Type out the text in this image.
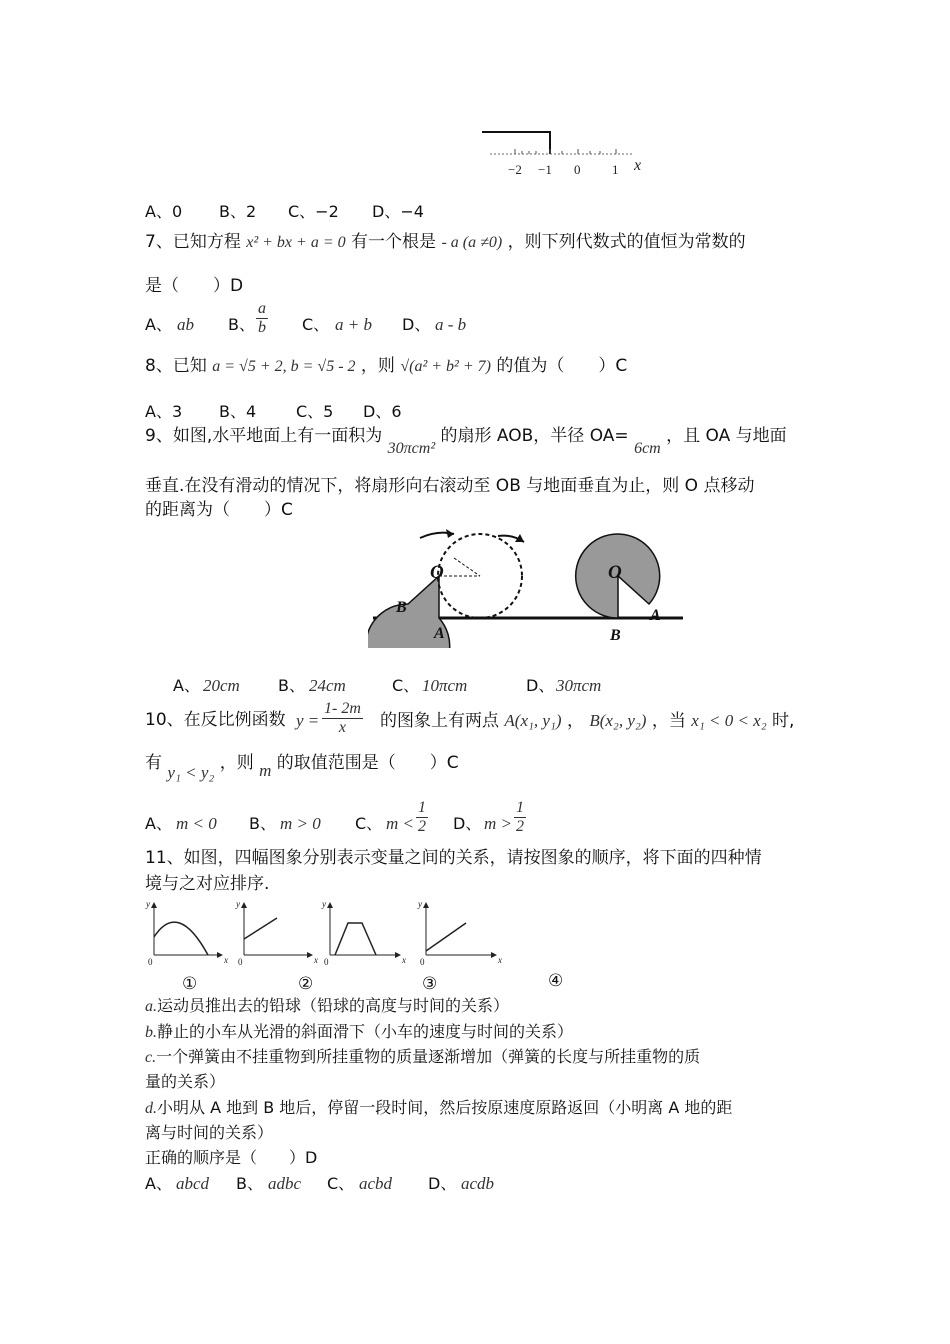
−2 −1 0 1 x
A、0 B、2 C、−2 D、−4
7、已知方程 x² + bx + a = 0 有一个根是 - a (a ≠0) ，则下列代数式的值恒为常数的
是（　　）D
A、 ab B、 $\frac{a}{b}$ C、 a + b D、 a - b
8、已知 a = √5 + 2, b = √5 - 2 ，则 √(a² + b² + 7) 的值为（　　）C
A、3 B、4 C、5 D、6
9、如图,水平地面上有一面积为 30πcm² 的扇形 AOB，半径 OA= 6cm ，且 OA 与地面
垂直.在没有滑动的情况下，将扇形向右滚动至 OB 与地面垂直为止，则 O 点移动
的距离为（　　）C
O
B
A
O
A
B
A、 20cm B、 24cm	C、 10πcm	D、 30πcm
10、在反比例函数 $y = \frac{1- 2m}{x}$ 的图象上有两点 A(x₁, y₁) ， B(x₂, y₂) ，当 x₁ < 0 < x₂ 时,
有 y₁ < y₂ ，则 m 的取值范围是（　　）C
A、 m < 0 B、 m > 0 C、 $m < \frac{1}{2}$ D、 $m > \frac{1}{2}$
11、如图，四幅图象分别表示变量之间的关系，请按图象的顺序，将下面的四种情
境与之对应排序.
y
x
0
y
x
0
y
x
0
y
x
0
①	②	③	④
a.运动员推出去的铅球（铅球的高度与时间的关系）
b.静止的小车从光滑的斜面滑下（小车的速度与时间的关系）
c.一个弹簧由不挂重物到所挂重物的质量逐渐增加（弹簧的长度与所挂重物的质
量的关系）
d.小明从 A 地到 B 地后，停留一段时间，然后按原速度原路返回（小明离 A 地的距
离与时间的关系）
正确的顺序是（　　）D
A、 abcd B、 adbc C、 acbd D、 acdb
